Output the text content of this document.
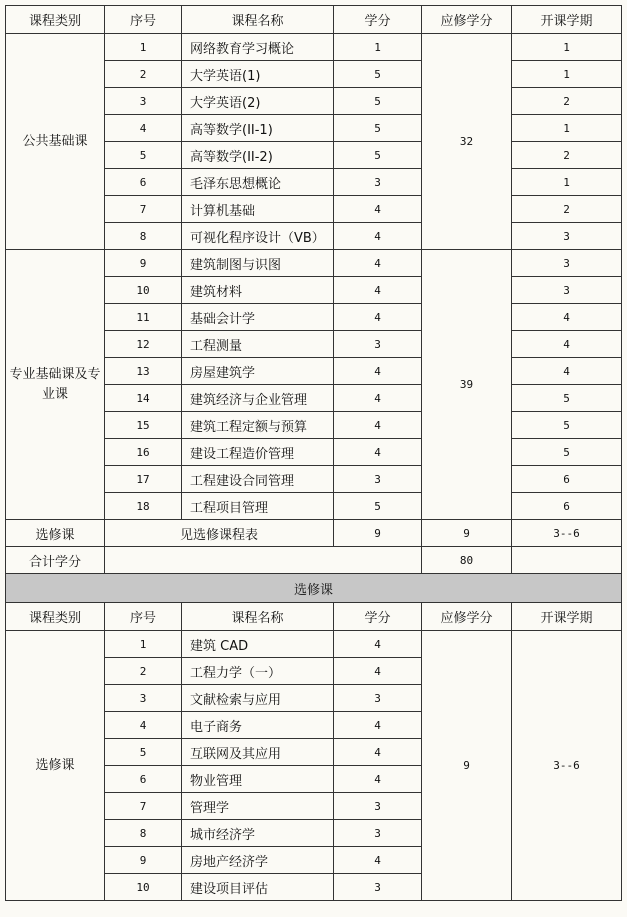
课程类别	序号	课程名称	学分	应修学分	开课学期
公共基础课	1	网络教育学习概论	1	32	1
	2	大学英语(1)	5		1
	3	大学英语(2)	5		2
	4	高等数学(II-1)	5		1
	5	高等数学(II-2)	5		2
	6	毛泽东思想概论	3		1
	7	计算机基础	4		2
	8	可视化程序设计（VB）	4		3
专业基础课及专业课	9	建筑制图与识图	4	39	3
	10	建筑材料	4		3
	11	基础会计学	4		4
	12	工程测量	3		4
	13	房屋建筑学	4		4
	14	建筑经济与企业管理	4		5
	15	建筑工程定额与预算	4		5
	16	建设工程造价管理	4		5
	17	工程建设合同管理	3		6
	18	工程项目管理	5		6
选修课	见选修课程表		9	9	3--6
合计学分				80	
选修课					
课程类别	序号	课程名称	学分	应修学分	开课学期
选修课	1	建筑 CAD	4	9	3--6
	2	工程力学（一）	4		
	3	文献检索与应用	3		
	4	电子商务	4		
	5	互联网及其应用	4		
	6	物业管理	4		
	7	管理学	3		
	8	城市经济学	3		
	9	房地产经济学	4		
	10	建设项目评估	3		
